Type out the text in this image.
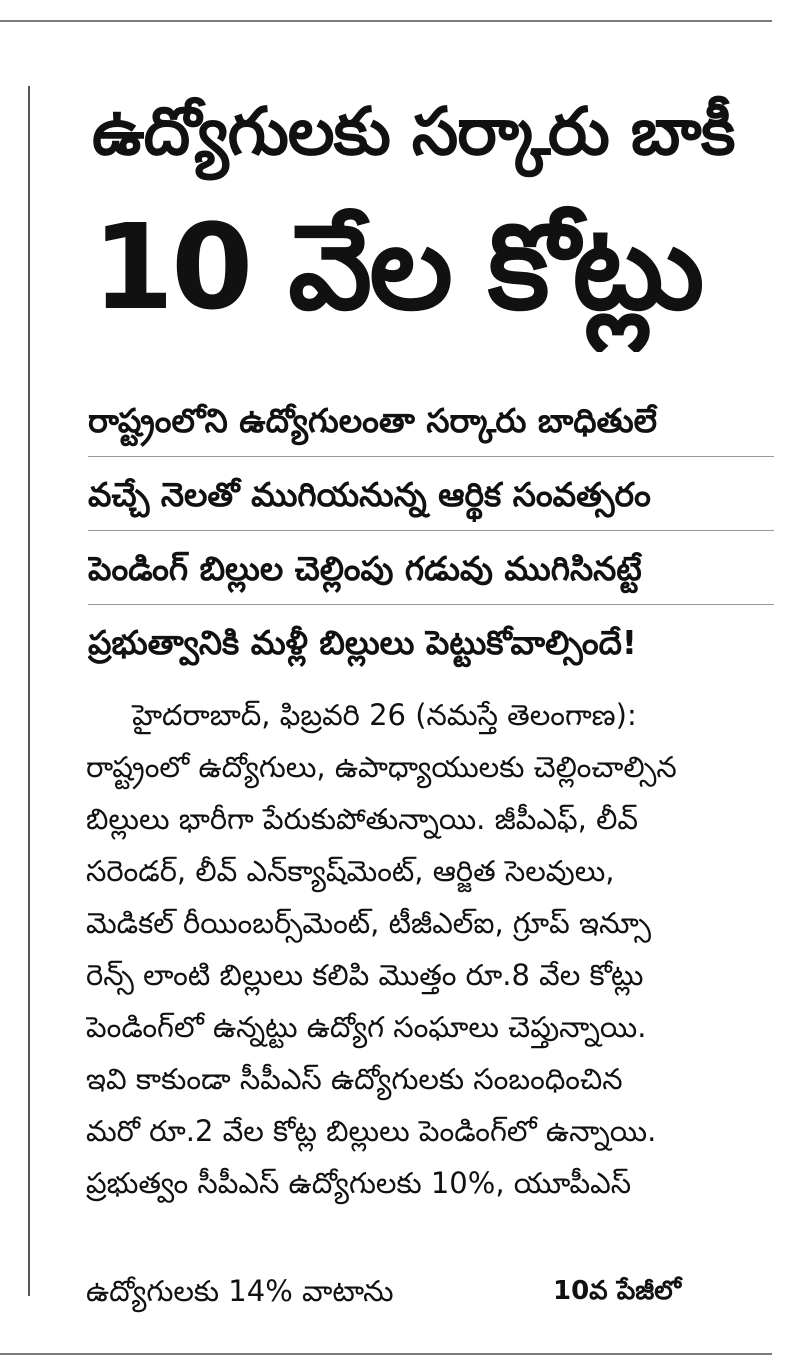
ఉద్యోగులకు సర్కారు బాకీ
10 వేల కోట్లు
రాష్ట్రంలోని ఉద్యోగులంతా సర్కారు బాధితులే
వచ్చే నెలతో ముగియనున్న ఆర్థిక సంవత్సరం
పెండింగ్ బిల్లుల చెల్లింపు గడువు ముగిసినట్టే
ప్రభుత్వానికి మళ్లీ బిల్లులు పెట్టుకోవాల్సిందే!
హైదరాబాద్, ఫిబ్రవరి 26 (నమస్తే తెలంగాణ):
రాష్ట్రంలో ఉద్యోగులు, ఉపాధ్యాయులకు చెల్లించాల్సిన
బిల్లులు భారీగా పేరుకుపోతున్నాయి. జీపీఎఫ్, లీవ్
సరెండర్, లీవ్ ఎన్‌క్యాష్‌మెంట్, ఆర్జిత సెలవులు,
మెడికల్ రీయింబర్స్‌మెంట్, టీజీఎల్ఐ, గ్రూప్ ఇన్సూ
రెన్స్ లాంటి బిల్లులు కలిపి మొత్తం రూ.8 వేల కోట్లు
పెండింగ్‌లో ఉన్నట్టు ఉద్యోగ సంఘాలు చెప్తున్నాయి.
ఇవి కాకుండా సీపీఎస్ ఉద్యోగులకు సంబంధించిన
మరో రూ.2 వేల కోట్ల బిల్లులు పెండింగ్‌లో ఉన్నాయి.
ప్రభుత్వం సీపీఎస్ ఉద్యోగులకు 10%, యూపీఎస్
ఉద్యోగులకు 14% వాటాను	10వ పేజీలో
